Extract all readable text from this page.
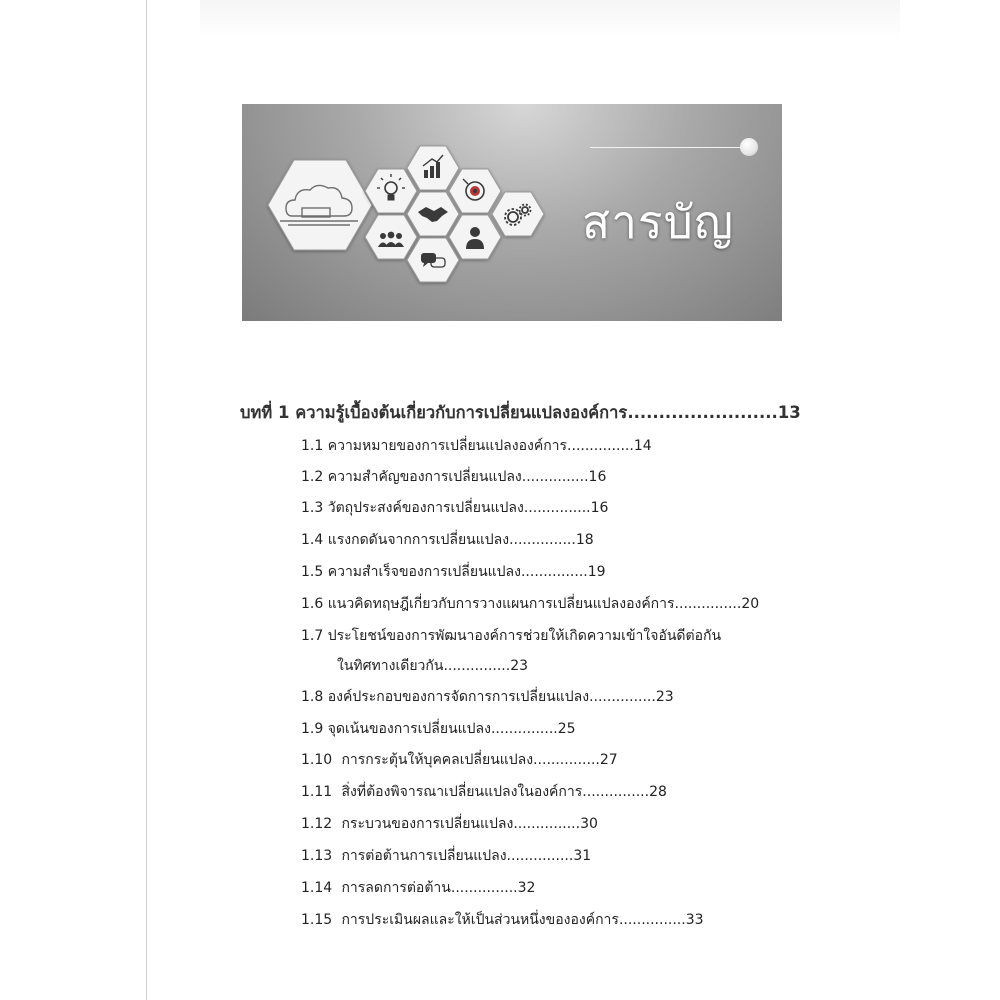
สารบัญ
บทที่ 1 ความรู้เบื้องต้นเกี่ยวกับการเปลี่ยนแปลงองค์การ........................13
1.1 ความหมายของการเปลี่ยนแปลงองค์การ...............14
1.2 ความสำคัญของการเปลี่ยนแปลง...............16
1.3 วัตถุประสงค์ของการเปลี่ยนแปลง...............16
1.4 แรงกดดันจากการเปลี่ยนแปลง...............18
1.5 ความสำเร็จของการเปลี่ยนแปลง...............19
1.6 แนวคิดทฤษฎีเกี่ยวกับการวางแผนการเปลี่ยนแปลงองค์การ...............20
1.7 ประโยชน์ของการพัฒนาองค์การช่วยให้เกิดความเข้าใจอันดีต่อกัน
ในทิศทางเดียวกัน...............23
1.8 องค์ประกอบของการจัดการการเปลี่ยนแปลง...............23
1.9 จุดเน้นของการเปลี่ยนแปลง...............25
1.10 การกระตุ้นให้บุคคลเปลี่ยนแปลง...............27
1.11 สิ่งที่ต้องพิจารณาเปลี่ยนแปลงในองค์การ...............28
1.12 กระบวนของการเปลี่ยนแปลง...............30
1.13 การต่อต้านการเปลี่ยนแปลง...............31
1.14 การลดการต่อต้าน...............32
1.15 การประเมินผลและให้เป็นส่วนหนึ่งขององค์การ...............33
